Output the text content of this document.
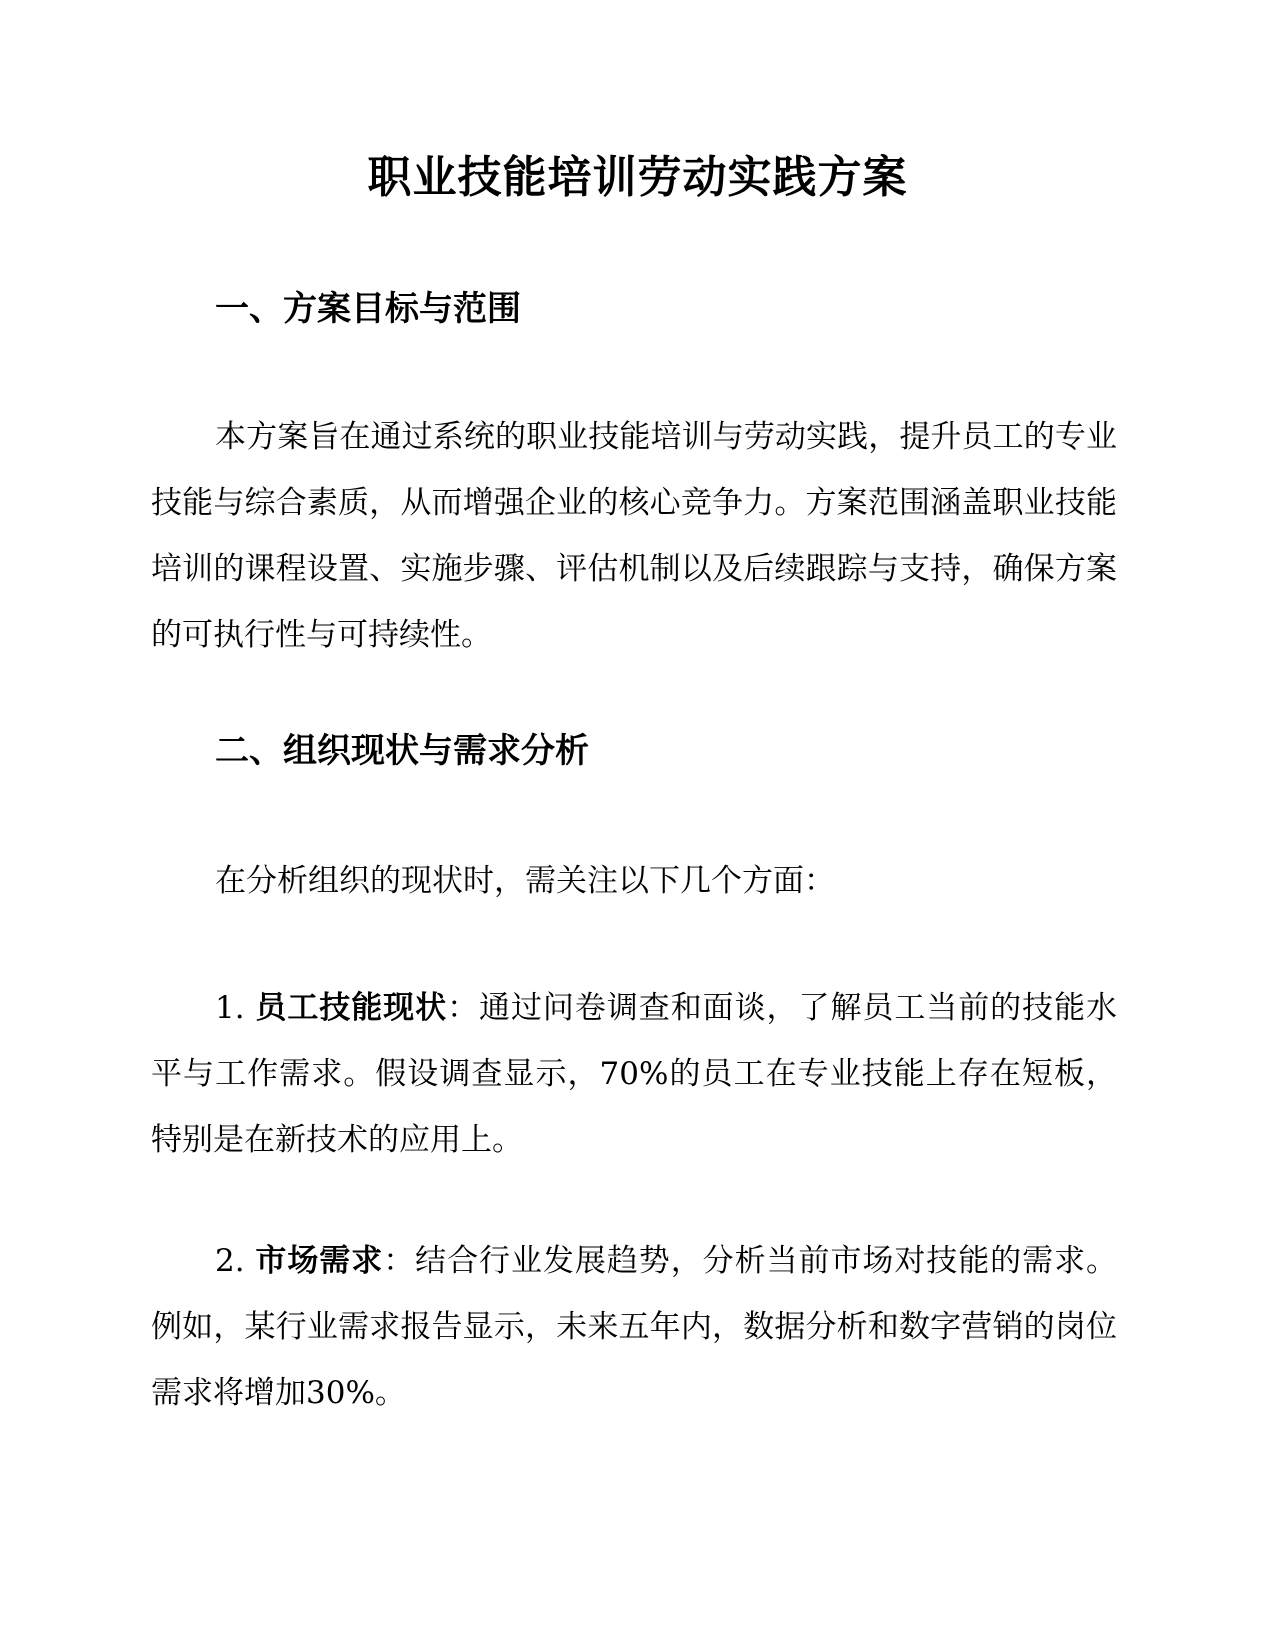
职业技能培训劳动实践方案
一、方案目标与范围

本方案旨在通过系统的职业技能培训与劳动实践，提升员工的专业技能与综合素质，从而增强企业的核心竞争力。方案范围涵盖职业技能培训的课程设置、实施步骤、评估机制以及后续跟踪与支持，确保方案的可执行性与可持续性。

二、组织现状与需求分析

在分析组织的现状时，需关注以下几个方面：

1. 员工技能现状：通过问卷调查和面谈，了解员工当前的技能水平与工作需求。假设调查显示，70%的员工在专业技能上存在短板，特别是在新技术的应用上。

2. 市场需求：结合行业发展趋势，分析当前市场对技能的需求。例如，某行业需求报告显示，未来五年内，数据分析和数字营销的岗位需求将增加30%。
